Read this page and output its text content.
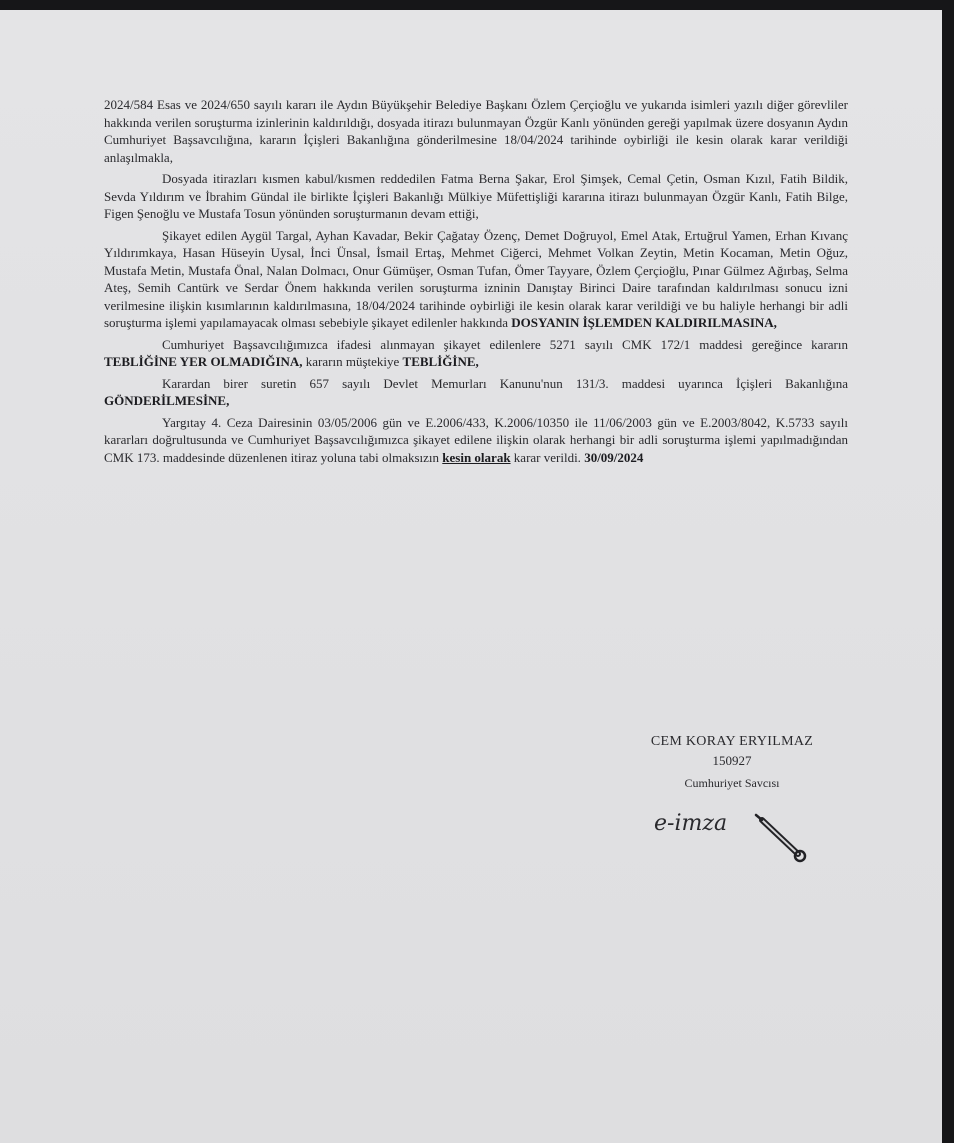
2024/584 Esas ve 2024/650 sayılı kararı ile Aydın Büyükşehir Belediye Başkanı Özlem Çerçioğlu ve yukarıda isimleri yazılı diğer görevliler hakkında verilen soruşturma izinlerinin kaldırıldığı, dosyada itirazı bulunmayan Özgür Kanlı yönünden gereği yapılmak üzere dosyanın Aydın Cumhuriyet Başsavcılığına, kararın İçişleri Bakanlığına gönderilmesine 18/04/2024 tarihinde oybirliği ile kesin olarak karar verildiği anlaşılmakla,

Dosyada itirazları kısmen kabul/kısmen reddedilen Fatma Berna Şakar, Erol Şimşek, Cemal Çetin, Osman Kızıl, Fatih Bildik, Sevda Yıldırım ve İbrahim Gündal ile birlikte İçişleri Bakanlığı Mülkiye Müfettişliği kararına itirazı bulunmayan Özgür Kanlı, Fatih Bilge, Figen Şenoğlu ve Mustafa Tosun yönünden soruşturmanın devam ettiği,

Şikayet edilen Aygül Targal, Ayhan Kavadar, Bekir Çağatay Özenç, Demet Doğruyol, Emel Atak, Ertuğrul Yamen, Erhan Kıvanç Yıldırımkaya, Hasan Hüseyin Uysal, İnci Ünsal, İsmail Ertaş, Mehmet Ciğerci, Mehmet Volkan Zeytin, Metin Kocaman, Metin Oğuz, Mustafa Metin, Mustafa Önal, Nalan Dolmacı, Onur Gümüşer, Osman Tufan, Ömer Tayyare, Özlem Çerçioğlu, Pınar Gülmez Ağırbaş, Selma Ateş, Semih Cantürk ve Serdar Önem hakkında verilen soruşturma izninin Danıştay Birinci Daire tarafından kaldırılması sonucu izni verilmesine ilişkin kısımlarının kaldırılmasına, 18/04/2024 tarihinde oybirliği ile kesin olarak karar verildiği ve bu haliyle herhangi bir adli soruşturma işlemi yapılamayacak olması sebebiyle şikayet edilenler hakkında DOSYANIN İŞLEMDEN KALDIRILMASINA,

Cumhuriyet Başsavcılığımızca ifadesi alınmayan şikayet edilenlere 5271 sayılı CMK 172/1 maddesi gereğince kararın TEBLİĞİNE YER OLMADIĞINA, kararın müştekiye TEBLİĞİNE,

Karardan birer suretin 657 sayılı Devlet Memurları Kanunu'nun 131/3. maddesi uyarınca İçişleri Bakanlığına GÖNDERİLMESİNE,

Yargıtay 4. Ceza Dairesinin 03/05/2006 gün ve E.2006/433, K.2006/10350 ile 11/06/2003 gün ve E.2003/8042, K.5733 sayılı kararları doğrultusunda ve Cumhuriyet Başsavcılığımızca şikayet edilene ilişkin olarak herhangi bir adli soruşturma işlemi yapılmadığından CMK 173. maddesinde düzenlenen itiraz yoluna tabi olmaksızın kesin olarak karar verildi. 30/09/2024

CEM KORAY ERYILMAZ
150927
Cumhuriyet Savcısı
e-imza
